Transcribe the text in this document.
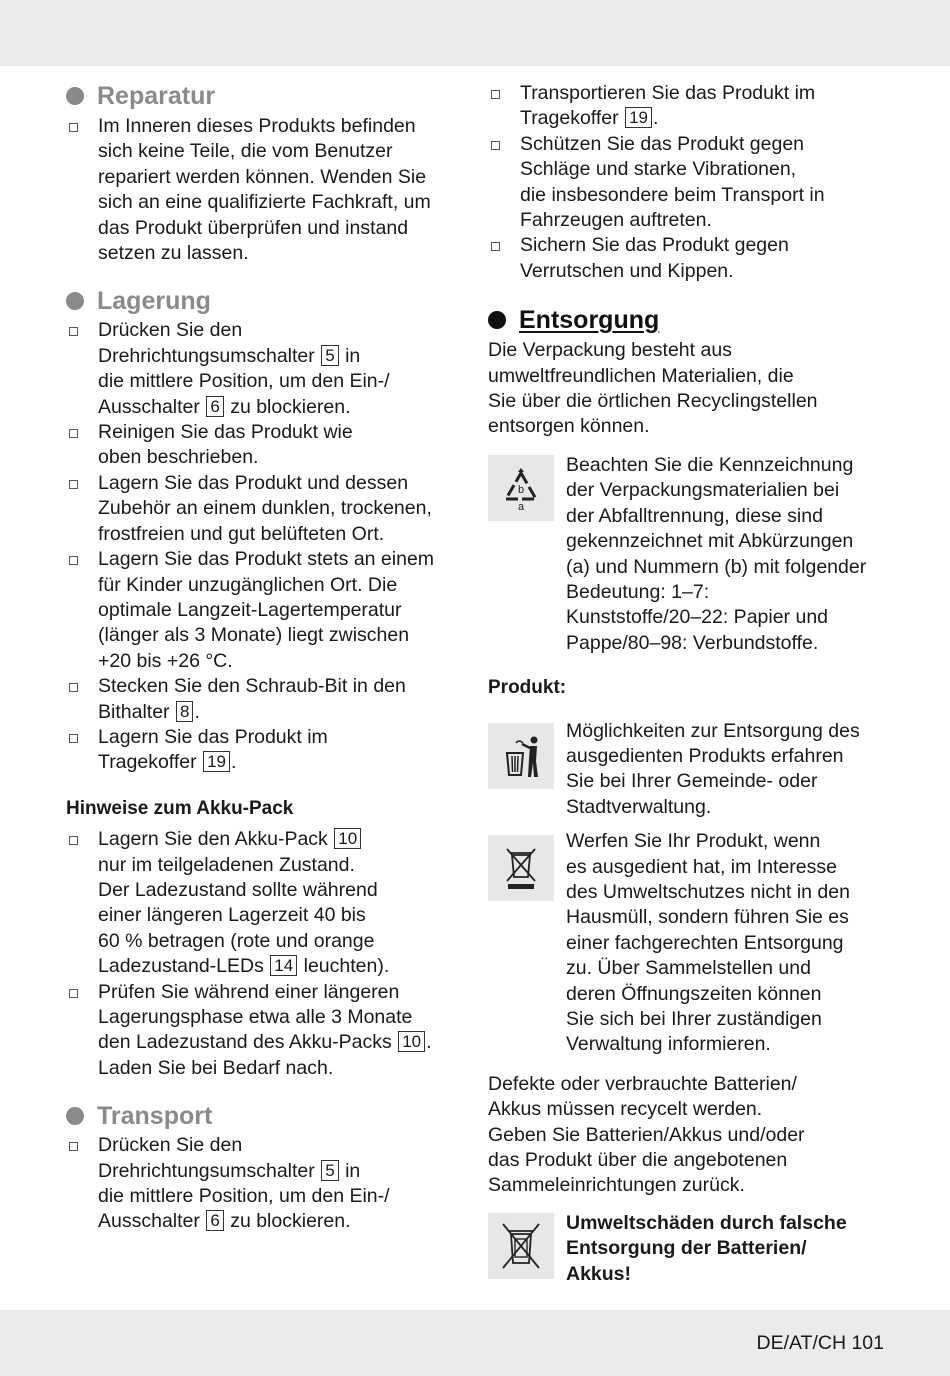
Reparatur
Im Inneren dieses Produkts befinden
sich keine Teile, die vom Benutzer
repariert werden können. Wenden Sie
sich an eine qualifizierte Fachkraft, um
das Produkt überprüfen und instand
setzen zu lassen.
Lagerung
Drücken Sie den
Drehrichtungsumschalter 5 in
die mittlere Position, um den Ein-/
Ausschalter 6 zu blockieren.
Reinigen Sie das Produkt wie
oben beschrieben.
Lagern Sie das Produkt und dessen
Zubehör an einem dunklen, trockenen,
frostfreien und gut belüfteten Ort.
Lagern Sie das Produkt stets an einem
für Kinder unzugänglichen Ort. Die
optimale Langzeit-Lagertemperatur
(länger als 3 Monate) liegt zwischen
+20 bis +26 °C.
Stecken Sie den Schraub-Bit in den
Bithalter 8 .
Lagern Sie das Produkt im
Tragekoffer 19 .
Hinweise zum Akku-Pack
Lagern Sie den Akku-Pack 10
nur im teilgeladenen Zustand.
Der Ladezustand sollte während
einer längeren Lagerzeit 40 bis
60 % betragen (rote und orange
Ladezustand-LEDs 14 leuchten).
Prüfen Sie während einer längeren
Lagerungsphase etwa alle 3 Monate
den Ladezustand des Akku-Packs 10 .
Laden Sie bei Bedarf nach.
Transport
Drücken Sie den
Drehrichtungsumschalter 5 in
die mittlere Position, um den Ein-/
Ausschalter 6 zu blockieren.
Transportieren Sie das Produkt im
Tragekoffer 19 .
Schützen Sie das Produkt gegen
Schläge und starke Vibrationen,
die insbesondere beim Transport in
Fahrzeugen auftreten.
Sichern Sie das Produkt gegen
Verrutschen und Kippen.
Entsorgung

Die Verpackung besteht aus
umweltfreundlichen Materialien, die
Sie über die örtlichen Recyclingstellen
entsorgen können.

b
a
Beachten Sie die Kennzeichnung
der Verpackungsmaterialien bei
der Abfalltrennung, diese sind
gekennzeichnet mit Abkürzungen
(a) und Nummern (b) mit folgender
Bedeutung: 1–7:
Kunststoffe/20–22: Papier und
Pappe/80–98: Verbundstoffe.
Produkt:
Möglichkeiten zur Entsorgung des
ausgedienten Produkts erfahren
Sie bei Ihrer Gemeinde- oder
Stadtverwaltung.
Werfen Sie Ihr Produkt, wenn
es ausgedient hat, im Interesse
des Umweltschutzes nicht in den
Hausmüll, sondern führen Sie es
einer fachgerechten Entsorgung
zu. Über Sammelstellen und
deren Öffnungszeiten können
Sie sich bei Ihrer zuständigen
Verwaltung informieren.

Defekte oder verbrauchte Batterien/
Akkus müssen recycelt werden.
Geben Sie Batterien/Akkus und/oder
das Produkt über die angebotenen
Sammeleinrichtungen zurück.

Umweltschäden durch falsche
Entsorgung der Batterien/
Akkus!
DE/AT/CH 101
